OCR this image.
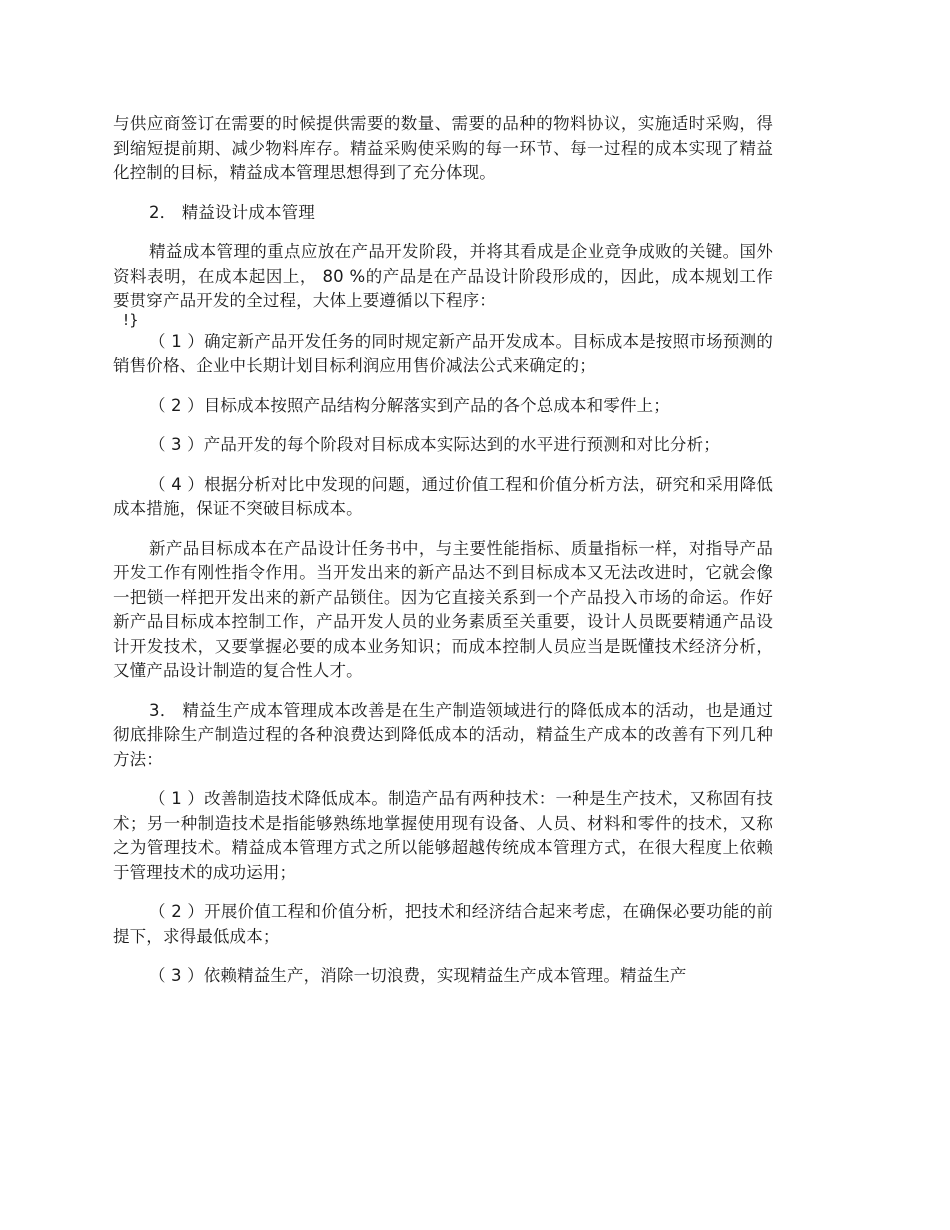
与供应商签订在需要的时候提供需要的数量、需要的品种的物料协议，实施适时采购，得到缩短提前期、减少物料库存。精益采购使采购的每一环节、每一过程的成本实现了精益化控制的目标，精益成本管理思想得到了充分体现。

2． 精益设计成本管理

精益成本管理的重点应放在产品开发阶段，并将其看成是企业竞争成败的关键。国外资料表明，在成本起因上， 80 %的产品是在产品设计阶段形成的，因此，成本规划工作要贯穿产品开发的全过程，大体上要遵循以下程序：

!}

（ 1 ）确定新产品开发任务的同时规定新产品开发成本。目标成本是按照市场预测的销售价格、企业中长期计划目标利润应用售价减法公式来确定的；

（ 2 ）目标成本按照产品结构分解落实到产品的各个总成本和零件上；

（ 3 ）产品开发的每个阶段对目标成本实际达到的水平进行预测和对比分析；

（ 4 ）根据分析对比中发现的问题，通过价值工程和价值分析方法，研究和采用降低成本措施，保证不突破目标成本。

新产品目标成本在产品设计任务书中，与主要性能指标、质量指标一样，对指导产品开发工作有刚性指令作用。当开发出来的新产品达不到目标成本又无法改进时，它就会像一把锁一样把开发出来的新产品锁住。因为它直接关系到一个产品投入市场的命运。作好新产品目标成本控制工作，产品开发人员的业务素质至关重要，设计人员既要精通产品设计开发技术，又要掌握必要的成本业务知识；而成本控制人员应当是既懂技术经济分析，又懂产品设计制造的复合性人才。

3． 精益生产成本管理成本改善是在生产制造领域进行的降低成本的活动，也是通过彻底排除生产制造过程的各种浪费达到降低成本的活动，精益生产成本的改善有下列几种方法：

（ 1 ）改善制造技术降低成本。制造产品有两种技术：一种是生产技术，又称固有技术；另一种制造技术是指能够熟练地掌握使用现有设备、人员、材料和零件的技术，又称之为管理技术。精益成本管理方式之所以能够超越传统成本管理方式，在很大程度上依赖于管理技术的成功运用；

（ 2 ）开展价值工程和价值分析，把技术和经济结合起来考虑，在确保必要功能的前提下，求得最低成本；

（ 3 ）依赖精益生产，消除一切浪费，实现精益生产成本管理。精益生产
